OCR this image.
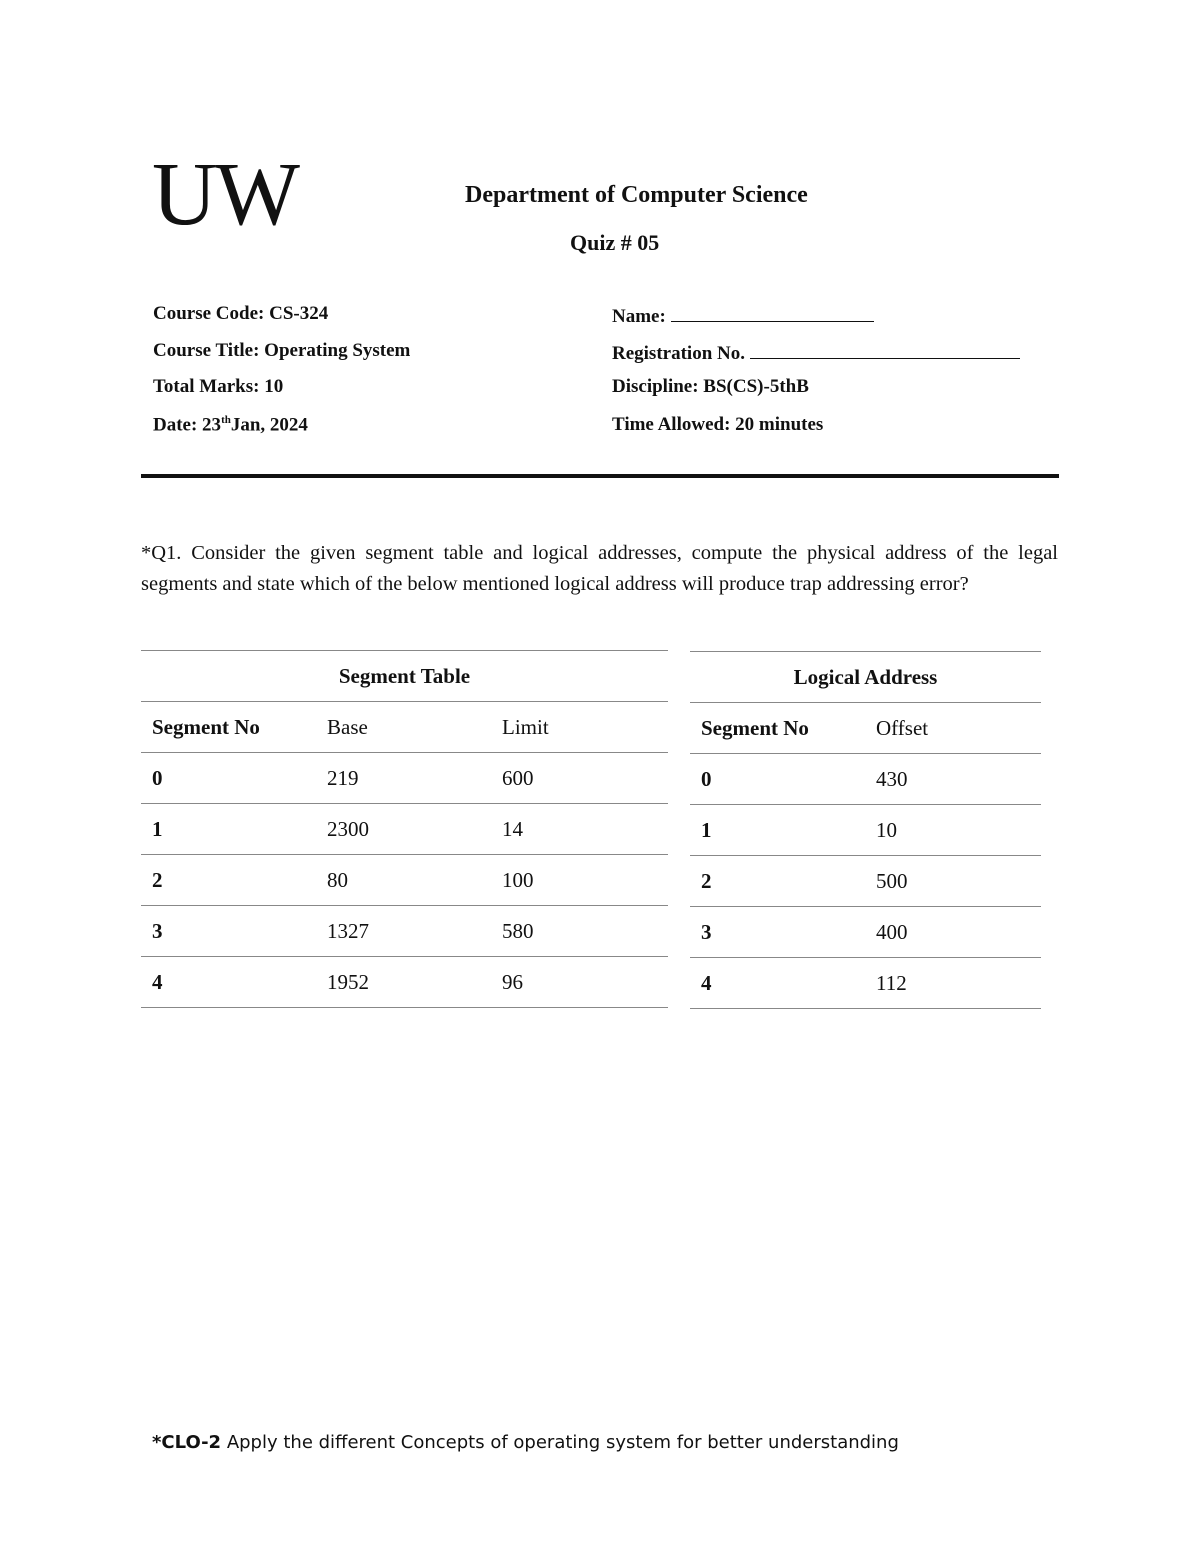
UW	Department of Computer Science
Quiz # 05
Course Code: CS-324
Course Title: Operating System
Total Marks: 10
Date: 23thJan, 2024
Name:
Registration No.
Discipline: BS(CS)-5thB
Time Allowed: 20 minutes
*Q1. Consider the given segment table and logical addresses, compute the physical address of the legal segments and state which of the below mentioned logical address will produce trap addressing error?
Segment Table		
Segment No	Base	Limit
0	219	600
1	2300	14
2	80	100
3	1327	580
4	1952	96
Logical Address	
Segment No	Offset
0	430
1	10
2	500
3	400
4	112
*CLO-2 Apply the different Concepts of operating system for better understanding
